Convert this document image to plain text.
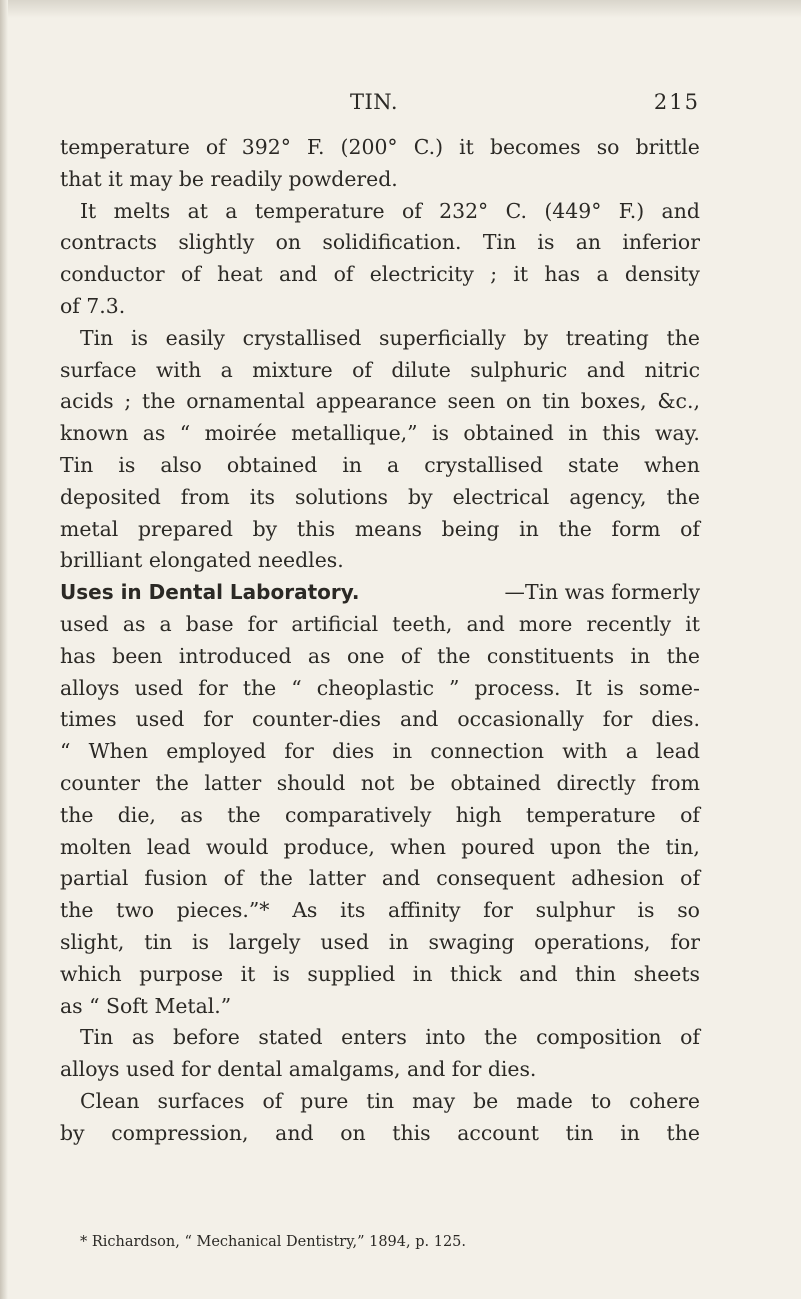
TIN.	215
temperature of 392° F. (200° C.) it becomes so brittle
that it may be readily powdered.
It melts at a temperature of 232° C. (449° F.) and
contracts slightly on solidification. Tin is an inferior
conductor of heat and of electricity ; it has a density
of 7.3.
Tin is easily crystallised superficially by treating the
surface with a mixture of dilute sulphuric and nitric
acids ; the ornamental appearance seen on tin boxes, &c.,
known as “ moirée metallique,” is obtained in this way.
Tin is also obtained in a crystallised state when
deposited from its solutions by electrical agency, the
metal prepared by this means being in the form of
brilliant elongated needles.
Uses in Dental Laboratory.	—Tin was formerly
used as a base for artificial teeth, and more recently it
has been introduced as one of the constituents in the
alloys used for the “ cheoplastic ” process. It is some-
times used for counter-dies and occasionally for dies.
“ When employed for dies in connection with a lead
counter the latter should not be obtained directly from
the die, as the comparatively high temperature of
molten lead would produce, when poured upon the tin,
partial fusion of the latter and consequent adhesion of
the two pieces.”* As its affinity for sulphur is so
slight, tin is largely used in swaging operations, for
which purpose it is supplied in thick and thin sheets
as “ Soft Metal.”
Tin as before stated enters into the composition of
alloys used for dental amalgams, and for dies.
Clean surfaces of pure tin may be made to cohere
by compression, and on this account tin in the
* Richardson, “ Mechanical Dentistry,” 1894, p. 125.
